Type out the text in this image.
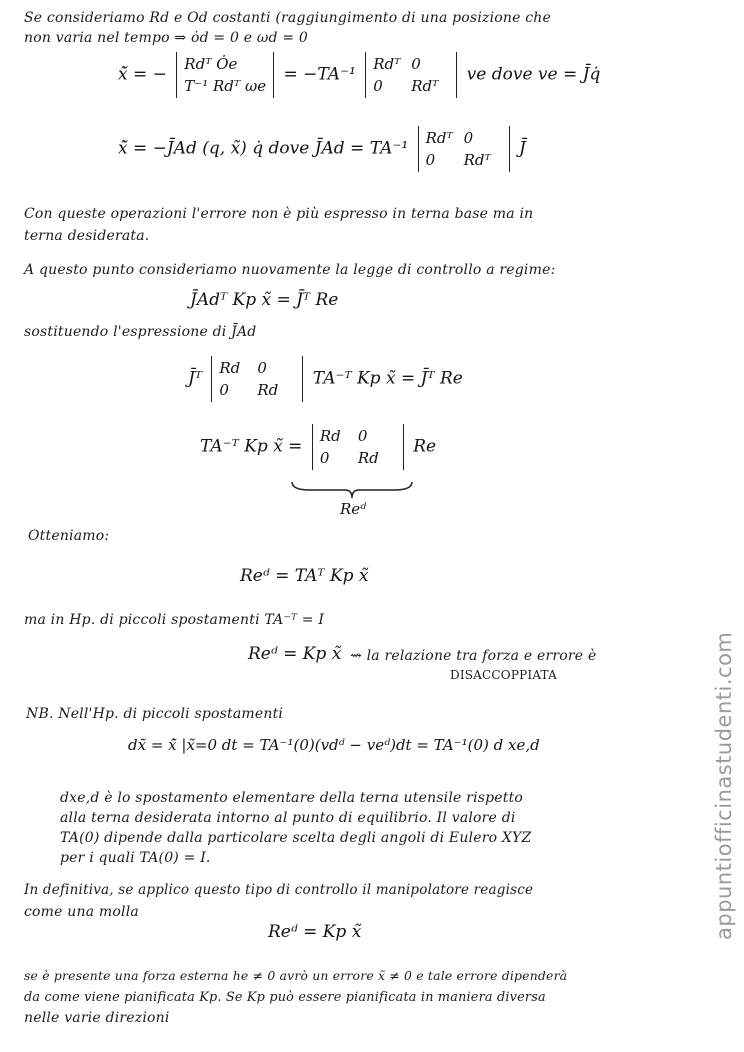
Se consideriamo Rd e Od costanti (raggiungimento di una posizione che
non varia nel tempo ⇒ ȯd = 0 e ωd = 0
x̃̇ = −
Rdᵀ Ȯe
T⁻¹ Rdᵀ ωe
= −TA⁻¹
Rdᵀ 0
0 Rdᵀ
ve dove ve = J̄q̇
x̃̇ = −J̄Ad (q, x̃) q̇ dove J̄Ad = TA⁻¹
Rdᵀ 0
0 Rdᵀ
J̄
Con queste operazioni l'errore non è più espresso in terna base ma in
terna desiderata.
A questo punto consideriamo nuovamente la legge di controllo a regime:
J̄Adᵀ Kp x̃ = J̄ᵀ Re
sostituendo l'espressione di J̄Ad
J̄ᵀ
Rd 0
0 Rd
TA⁻ᵀ Kp x̃ = J̄ᵀ Re
TA⁻ᵀ Kp x̃ =
Rd 0
0 Rd
Re
Reᵈ
Otteniamo:
Reᵈ = TAᵀ Kp x̃
ma in Hp. di piccoli spostamenti TA⁻ᵀ = I
Reᵈ = Kp x̃ ⇝ la relazione tra forza e errore è
DISACCOPPIATA
NB. Nell'Hp. di piccoli spostamenti
dx̃ = x̃̇ |x̃=0 dt = TA⁻¹(0)(vdᵈ − veᵈ)dt = TA⁻¹(0) d xe,d
dxe,d è lo spostamento elementare della terna utensile rispetto
alla terna desiderata intorno al punto di equilibrio. Il valore di
TA(0) dipende dalla particolare scelta degli angoli di Eulero XYZ
per i quali TA(0) = I.
In definitiva, se applico questo tipo di controllo il manipolatore reagisce
come una molla
Reᵈ = Kp x̃
se è presente una forza esterna he ≠ 0 avrò un errore x̃ ≠ 0 e tale errore dipenderà
da come viene pianificata Kp. Se Kp può essere pianificata in maniera diversa
nelle varie direzioni
appuntiofficinastudenti.com
